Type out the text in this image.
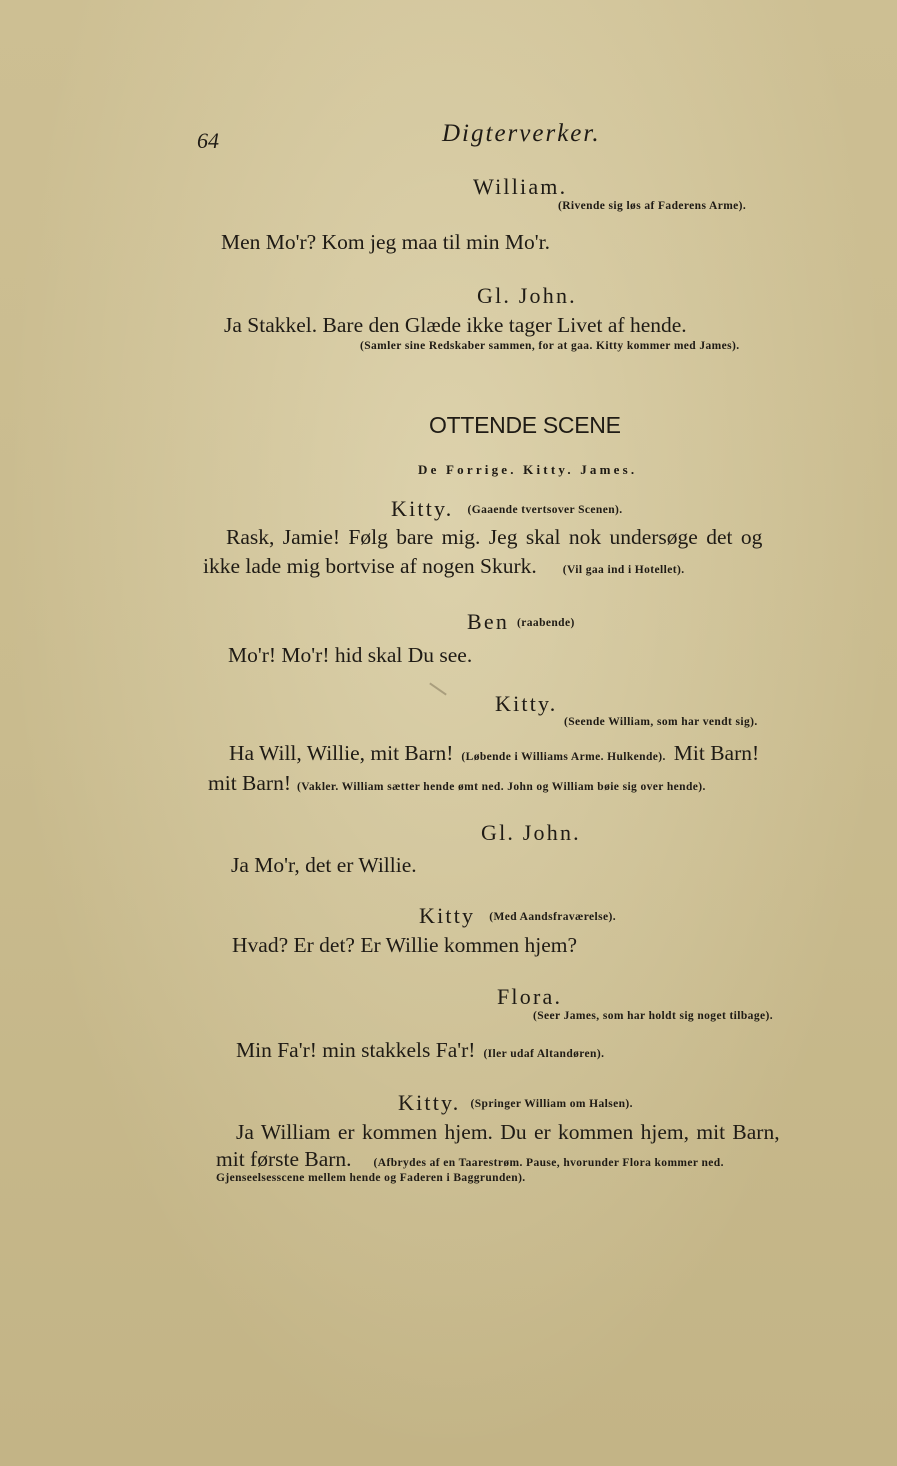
64	Digterverker.
William.
(Rivende sig løs af Faderens Arme).
Men Mo'r? Kom jeg maa til min Mo'r.
Gl. John.
Ja Stakkel. Bare den Glæde ikke tager Livet af hende.
(Samler sine Redskaber sammen, for at gaa. Kitty kommer med James).
OTTENDE SCENE
De Forrige. Kitty. James.
Kitty. (Gaaende tvertsover Scenen).
Rask, Jamie! Følg bare mig. Jeg skal nok undersøge det og
ikke lade mig bortvise af nogen Skurk. (Vil gaa ind i Hotellet).
Ben (raabende)
Mo'r! Mo'r! hid skal Du see.
Kitty.
(Seende William, som har vendt sig).
Ha Will, Willie, mit Barn! (Løbende i Williams Arme. Hulkende). Mit Barn!
mit Barn! (Vakler. William sætter hende ømt ned. John og William bøie sig over hende).
Gl. John.
Ja Mo'r, det er Willie.
Kitty (Med Aandsfraværelse).
Hvad? Er det? Er Willie kommen hjem?
Flora.
(Seer James, som har holdt sig noget tilbage).
Min Fa'r! min stakkels Fa'r! (Iler udaf Altandøren).
Kitty. (Springer William om Halsen).
Ja William er kommen hjem. Du er kommen hjem, mit Barn,
mit første Barn. (Afbrydes af en Taarestrøm. Pause, hvorunder Flora kommer ned.
Gjenseelsesscene mellem hende og Faderen i Baggrunden).
